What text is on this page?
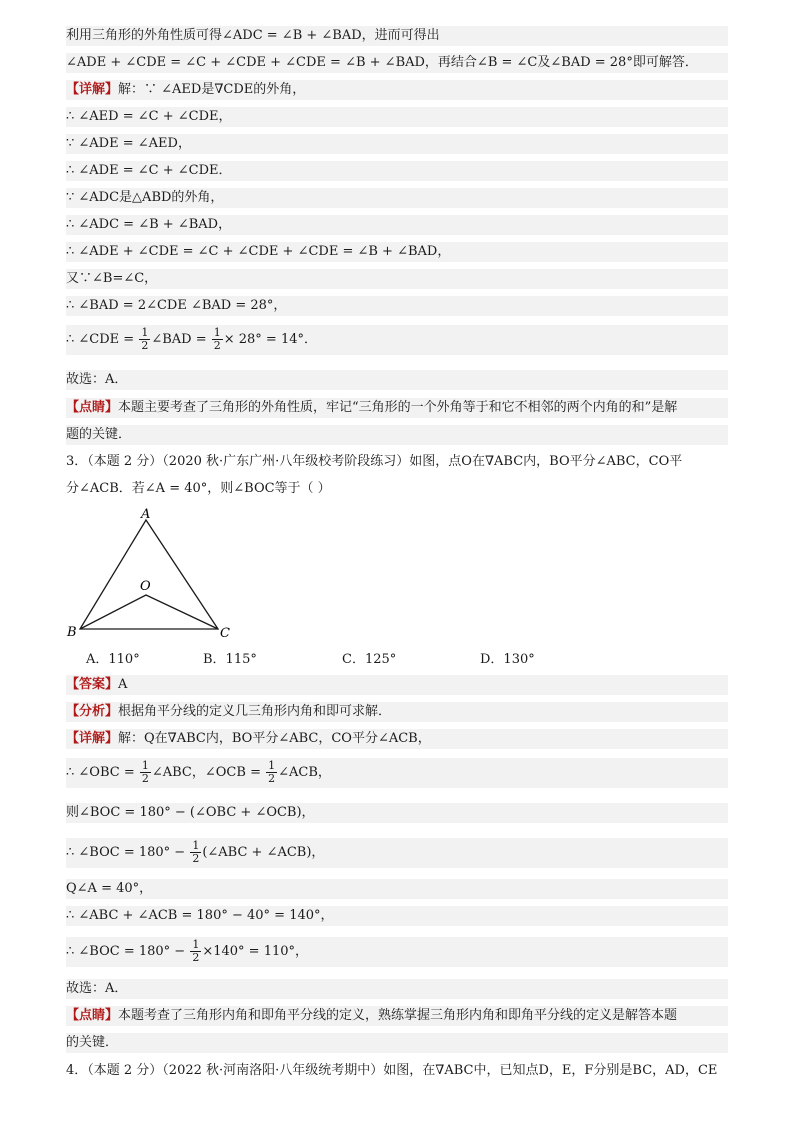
利用三角形的外角性质可得∠ADC = ∠B + ∠BAD，进而可得出
∠ADE + ∠CDE = ∠C + ∠CDE + ∠CDE = ∠B + ∠BAD，再结合∠B = ∠C及∠BAD = 28°即可解答．
【详解】解：∵ ∠AED是∇CDE的外角，
∴ ∠AED = ∠C + ∠CDE，
∵ ∠ADE = ∠AED，
∴ ∠ADE = ∠C + ∠CDE．
∵ ∠ADC是△ABD的外角，
∴ ∠ADC = ∠B + ∠BAD，
∴ ∠ADE + ∠CDE = ∠C + ∠CDE + ∠CDE = ∠B + ∠BAD，
又∵∠B=∠C，
∴ ∠BAD = 2∠CDE ∠BAD = 28°，
∴ ∠CDE = $\frac{1}{2}$ ∠BAD = $\frac{1}{2} \times 28^\circ = 14^\circ$．
故选：A．
【点睛】本题主要考查了三角形的外角性质，牢记“三角形的一个外角等于和它不相邻的两个内角的和”是解
题的关键．
3．（本题 2 分）（2020 秋·广东广州·八年级校考阶段练习）如图，点O在∇ABC内，BO平分∠ABC，CO平
分∠ACB．若∠A = 40°，则∠BOC等于（ ）
A
O
B	C
A．110°	B．115°	C．125°	D．130°
【答案】A
【分析】根据角平分线的定义几三角形内角和即可求解．
【详解】解：Q在∇ABC内，BO平分∠ABC，CO平分∠ACB，
∴ ∠OBC = $\frac{1}{2}$ ∠ABC，∠OCB = $\frac{1}{2}$ ∠ACB，
则∠BOC = 180° − (∠OBC + ∠OCB)，
∴ ∠BOC = $180^\circ - \frac{1}{2}$ (∠ABC + ∠ACB)，
Q∠A = 40°，
∴ ∠ABC + ∠ACB = 180° − 40° = 140°，
∴ ∠BOC = $180^\circ - \frac{1}{2} \times 140^\circ = 110^\circ$，
故选：A．
【点睛】本题考查了三角形内角和即角平分线的定义，熟练掌握三角形内角和即角平分线的定义是解答本题
的关键．
4．（本题 2 分）（2022 秋·河南洛阳·八年级统考期中）如图，在∇ABC中，已知点D，E，F分别是BC，AD，CE
